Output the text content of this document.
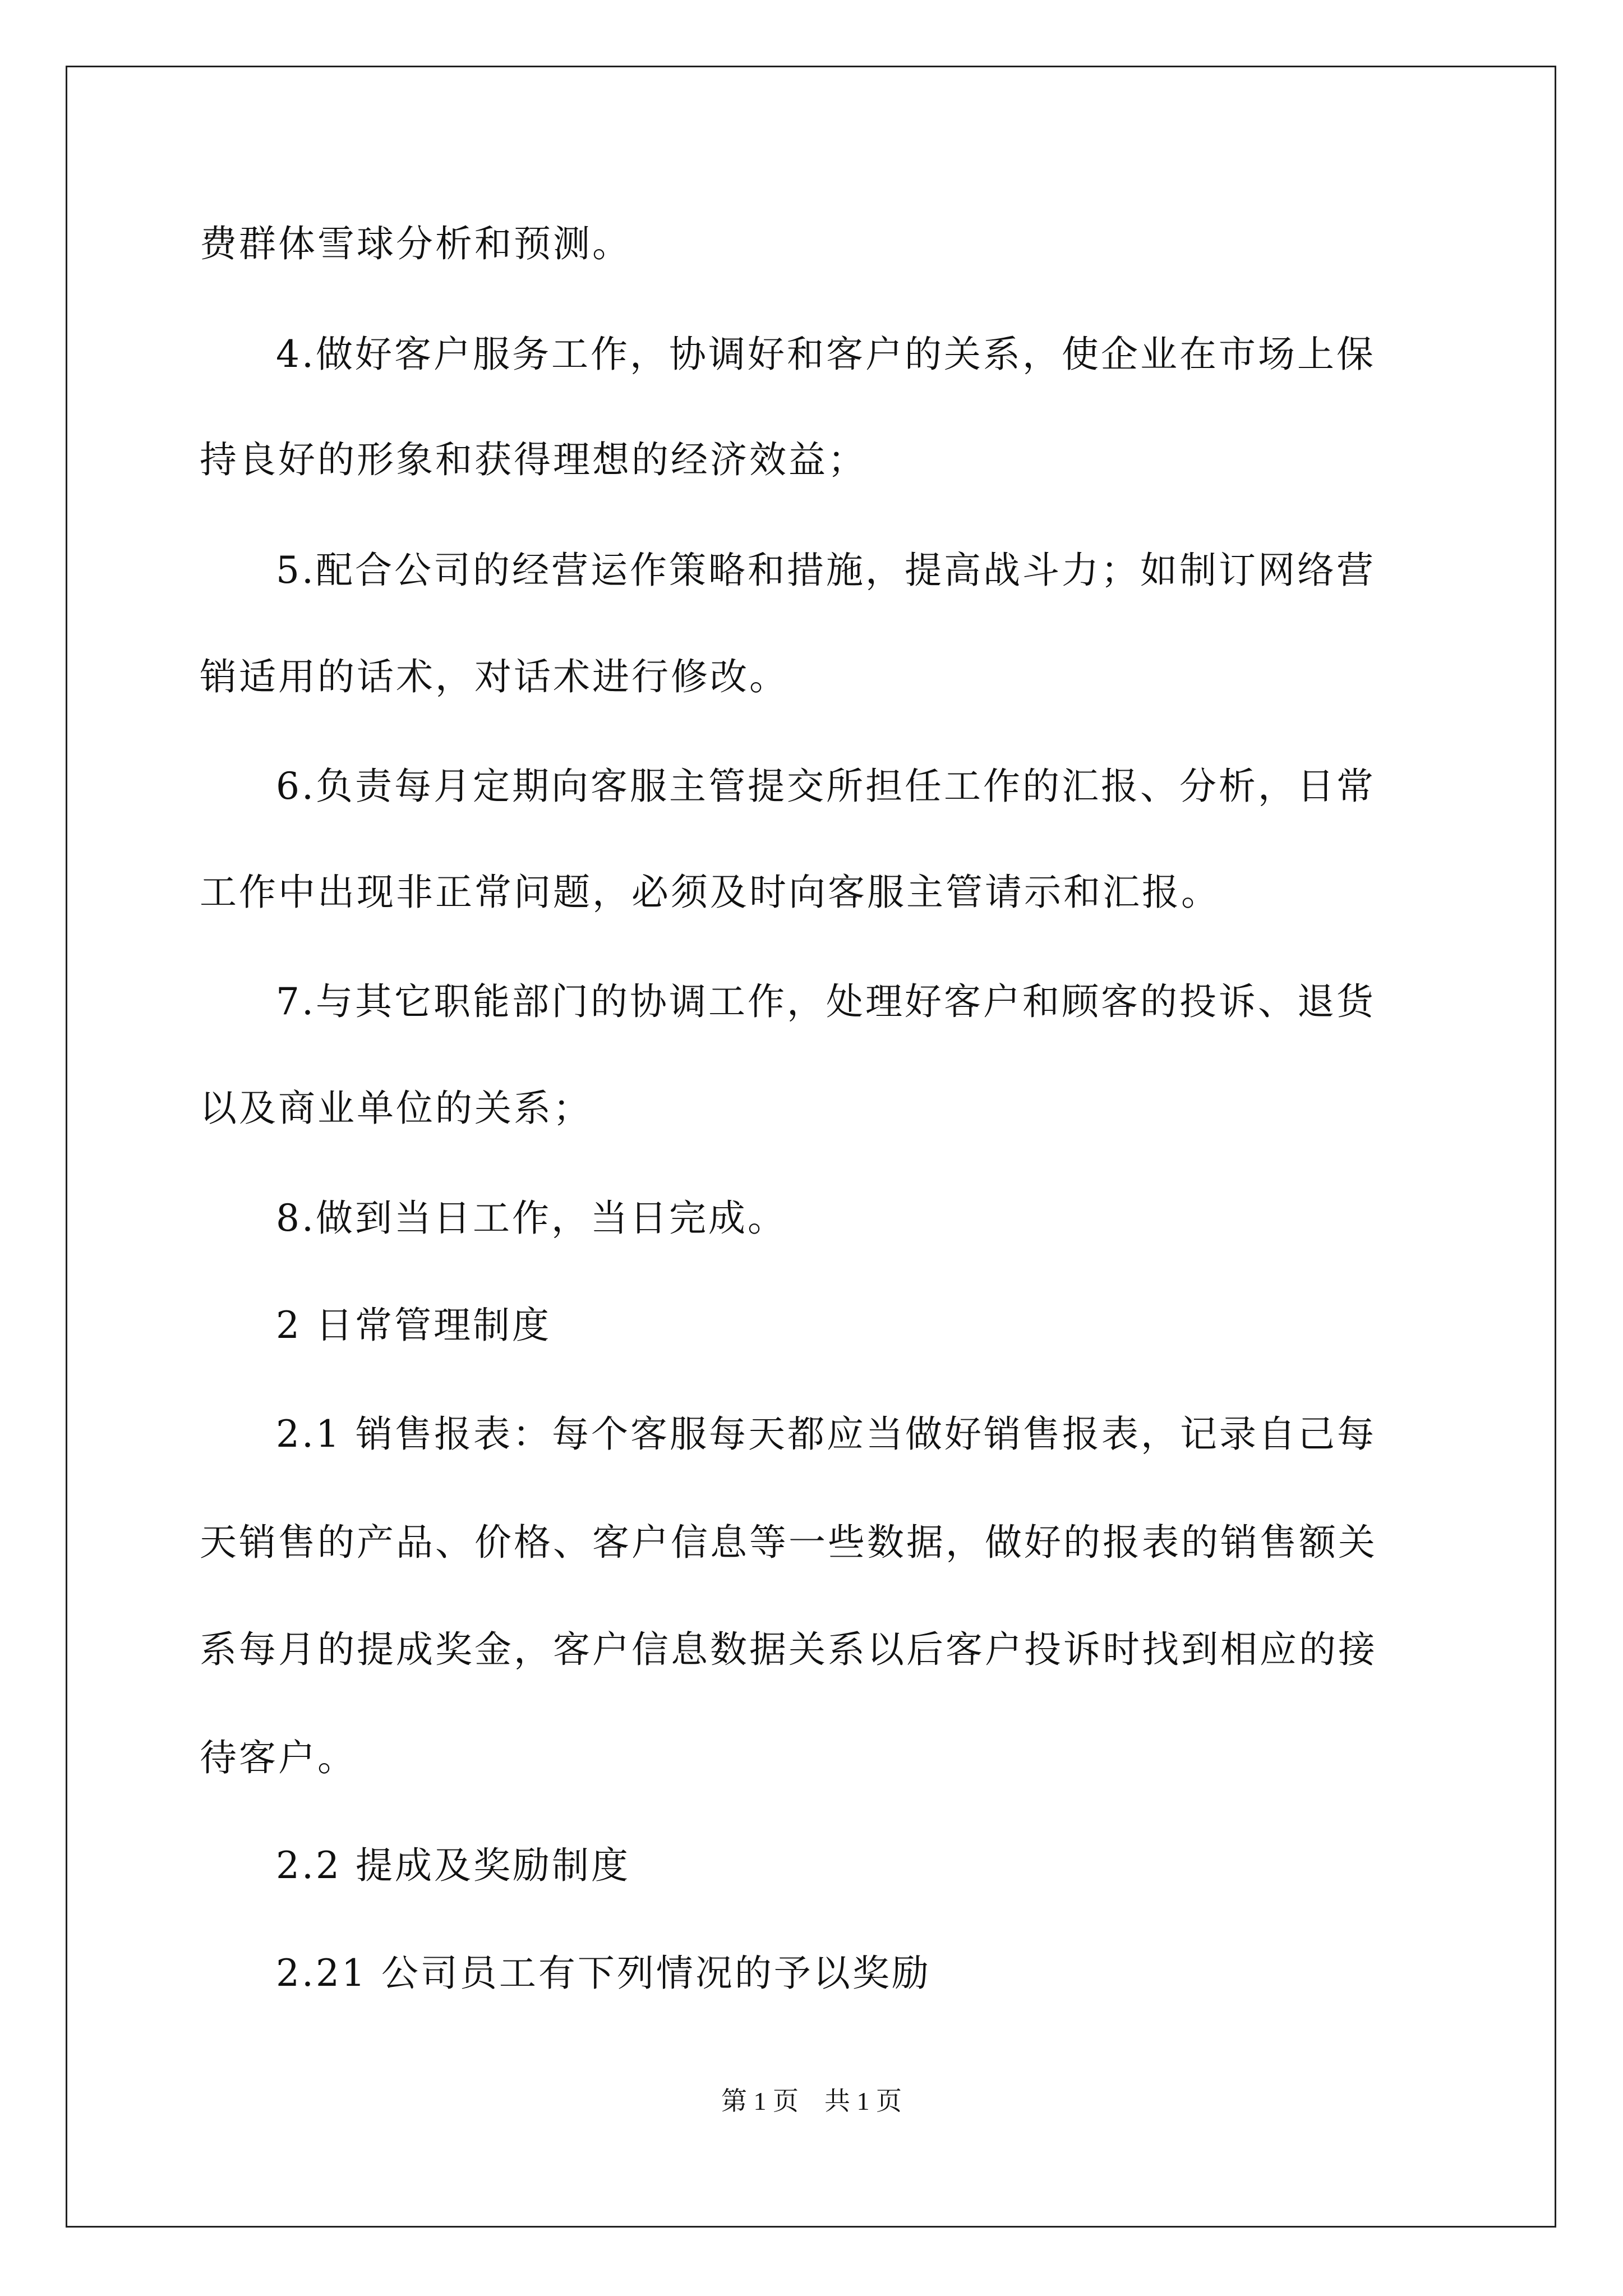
费群体雪球分析和预测。
4.做好客户服务工作，协调好和客户的关系，使企业在市场上保
持良好的形象和获得理想的经济效益；
5.配合公司的经营运作策略和措施，提高战斗力；如制订网络营
销适用的话术，对话术进行修改。
6.负责每月定期向客服主管提交所担任工作的汇报、分析，日常
工作中出现非正常问题，必须及时向客服主管请示和汇报。
7.与其它职能部门的协调工作，处理好客户和顾客的投诉、退货
以及商业单位的关系；
8.做到当日工作，当日完成。
2 日常管理制度
2.1 销售报表：每个客服每天都应当做好销售报表，记录自己每
天销售的产品、价格、客户信息等一些数据，做好的报表的销售额关
系每月的提成奖金，客户信息数据关系以后客户投诉时找到相应的接
待客户。
2.2 提成及奖励制度
2.21 公司员工有下列情况的予以奖励
第 1 页　共 1 页
